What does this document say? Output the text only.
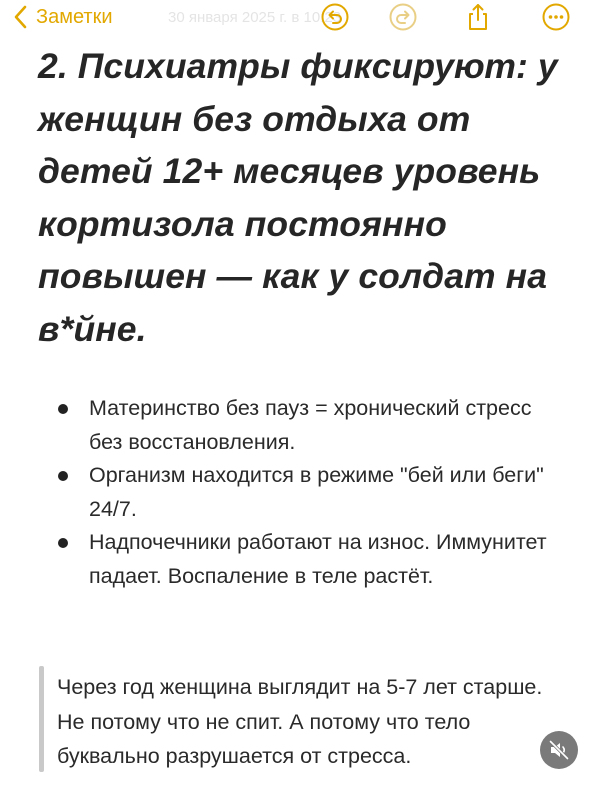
Заметки	30 января 2025 г. в 10:23
2. Психиатры фиксируют: у женщин без отдыха от детей 12+ месяцев уровень кортизола постоянно повышен — как у солдат на в*йне.
Материнство без пауз = хронический стресс без восстановления.
Организм находится в режиме "бей или беги" 24/7.
Надпочечники работают на износ. Иммунитет падает. Воспаление в теле растёт.

Через год женщина выглядит на 5-7 лет старше. Не потому что не спит. А потому что тело буквально разрушается от стресса.
